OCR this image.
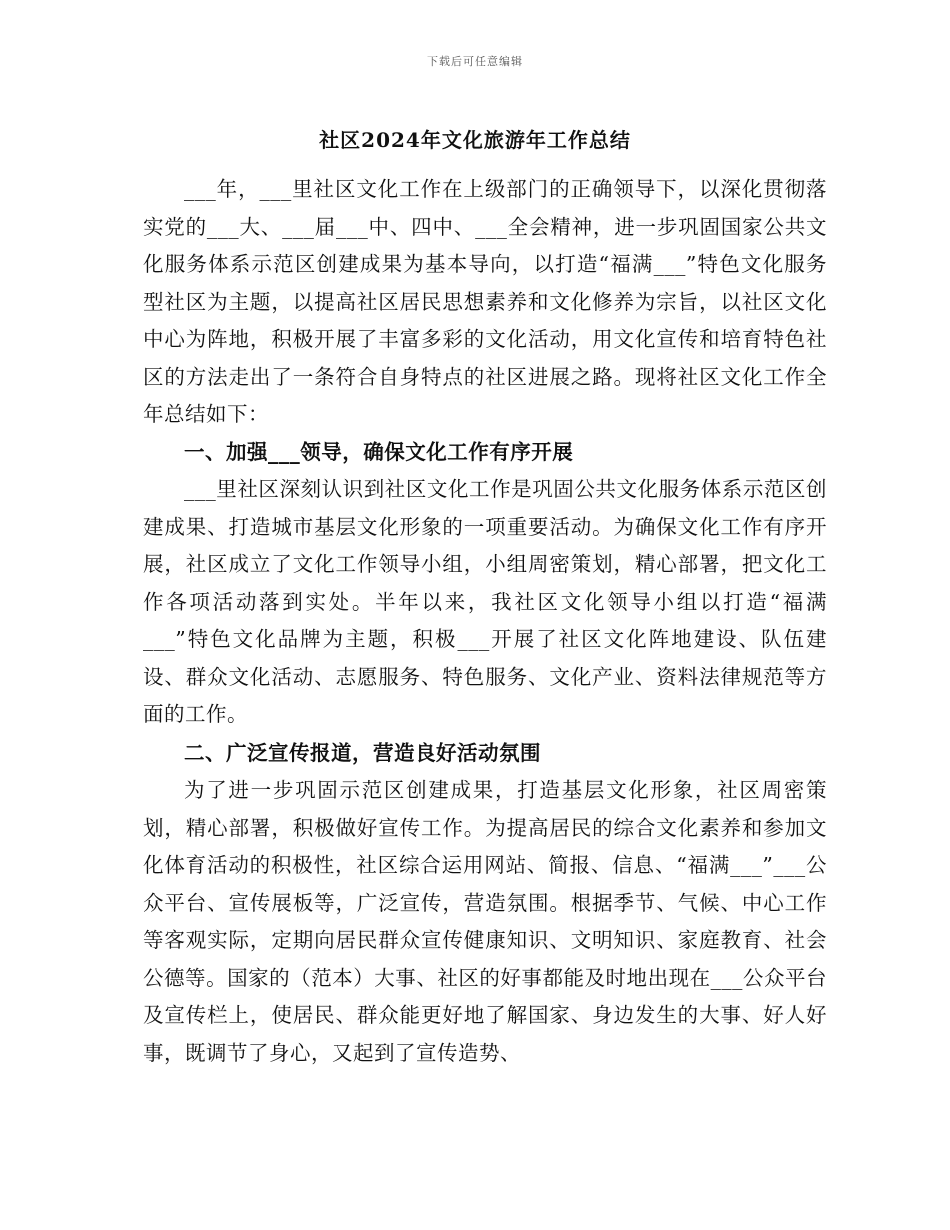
下载后可任意编辑
社区2024年文化旅游年工作总结

___年，___里社区文化工作在上级部门的正确领导下，以深化贯彻落实党的___大、___届___中、四中、___全会精神，进一步巩固国家公共文化服务体系示范区创建成果为基本导向，以打造“福满___”特色文化服务型社区为主题，以提高社区居民思想素养和文化修养为宗旨，以社区文化中心为阵地，积极开展了丰富多彩的文化活动，用文化宣传和培育特色社区的方法走出了一条符合自身特点的社区进展之路。现将社区文化工作全年总结如下：

一、加强___领导，确保文化工作有序开展

___里社区深刻认识到社区文化工作是巩固公共文化服务体系示范区创建成果、打造城市基层文化形象的一项重要活动。为确保文化工作有序开展，社区成立了文化工作领导小组，小组周密策划，精心部署，把文化工作各项活动落到实处。半年以来，我社区文化领导小组以打造“福满___”特色文化品牌为主题，积极___开展了社区文化阵地建设、队伍建设、群众文化活动、志愿服务、特色服务、文化产业、资料法律规范等方面的工作。

二、广泛宣传报道，营造良好活动氛围

为了进一步巩固示范区创建成果，打造基层文化形象，社区周密策划，精心部署，积极做好宣传工作。为提高居民的综合文化素养和参加文化体育活动的积极性，社区综合运用网站、简报、信息、“福满___”___公众平台、宣传展板等，广泛宣传，营造氛围。根据季节、气候、中心工作等客观实际，定期向居民群众宣传健康知识、文明知识、家庭教育、社会公德等。国家的（范本）大事、社区的好事都能及时地出现在___公众平台及宣传栏上，使居民、群众能更好地了解国家、身边发生的大事、好人好事，既调节了身心，又起到了宣传造势、
